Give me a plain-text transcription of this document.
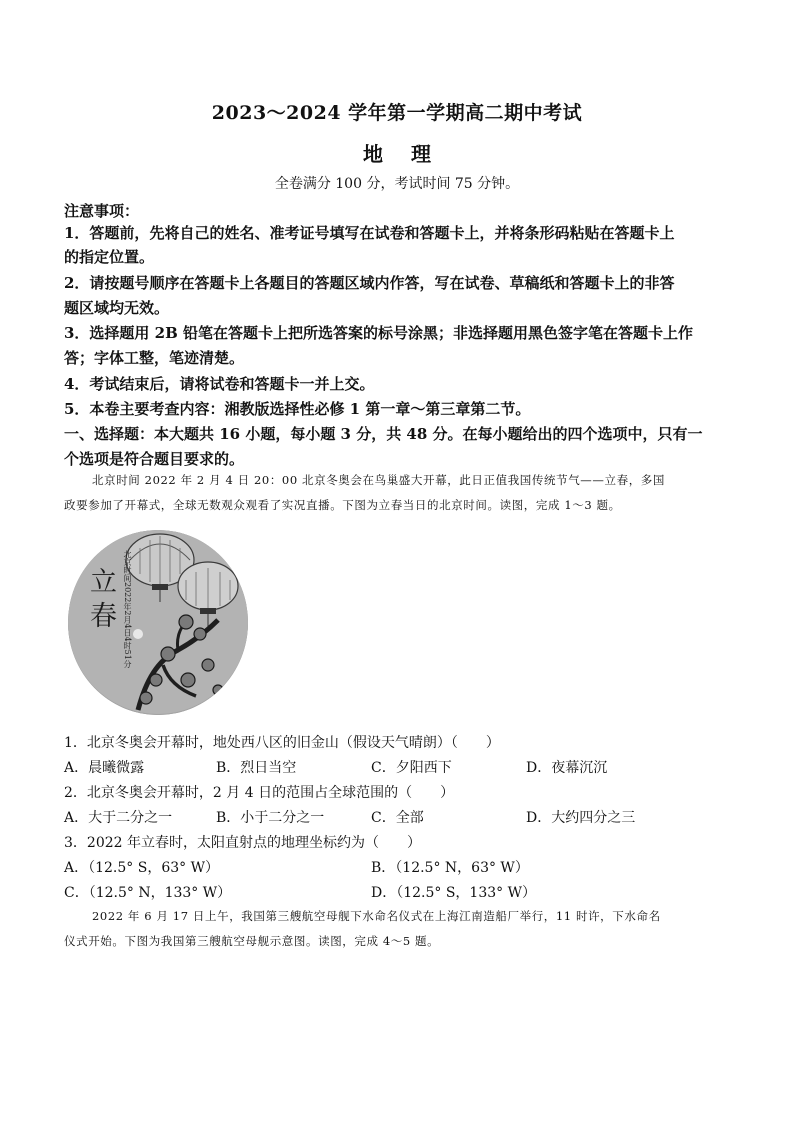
2023～2024 学年第一学期高二期中考试
地理
全卷满分 100 分，考试时间 75 分钟。
注意事项：
1．答题前，先将自己的姓名、准考证号填写在试卷和答题卡上，并将条形码粘贴在答题卡上
的指定位置。
2．请按题号顺序在答题卡上各题目的答题区域内作答，写在试卷、草稿纸和答题卡上的非答
题区域均无效。
3．选择题用 2B 铅笔在答题卡上把所选答案的标号涂黑；非选择题用黑色签字笔在答题卡上作
答；字体工整，笔迹清楚。
4．考试结束后，请将试卷和答题卡一并上交。
5．本卷主要考查内容：湘教版选择性必修 1 第一章～第三章第二节。
一、选择题：本大题共 16 小题，每小题 3 分，共 48 分。在每小题给出的四个选项中，只有一
个选项是符合题目要求的。
北京时间 2022 年 2 月 4 日 20：00 北京冬奥会在鸟巢盛大开幕，此日正值我国传统节气——立春，多国
政要参加了开幕式，全球无数观众观看了实况直播。下图为立春当日的北京时间。读图，完成 1～3 题。
立春 北京时间2022年2月4日4时51分
1．北京冬奥会开幕时，地处西八区的旧金山（假设天气晴朗）（　　）
A．晨曦微露	B．烈日当空	C．夕阳西下	D．夜幕沉沉
2．北京冬奥会开幕时，2 月 4 日的范围占全球范围的（　　）
A．大于二分之一	B．小于二分之一	C．全部	D．大约四分之三
3．2022 年立春时，太阳直射点的地理坐标约为（　　）
A．（12.5° S，63° W）	B．（12.5° N，63° W）
C．（12.5° N，133° W）	D．（12.5° S，133° W）
2022 年 6 月 17 日上午，我国第三艘航空母舰下水命名仪式在上海江南造船厂举行，11 时许，下水命名
仪式开始。下图为我国第三艘航空母舰示意图。读图，完成 4～5 题。
